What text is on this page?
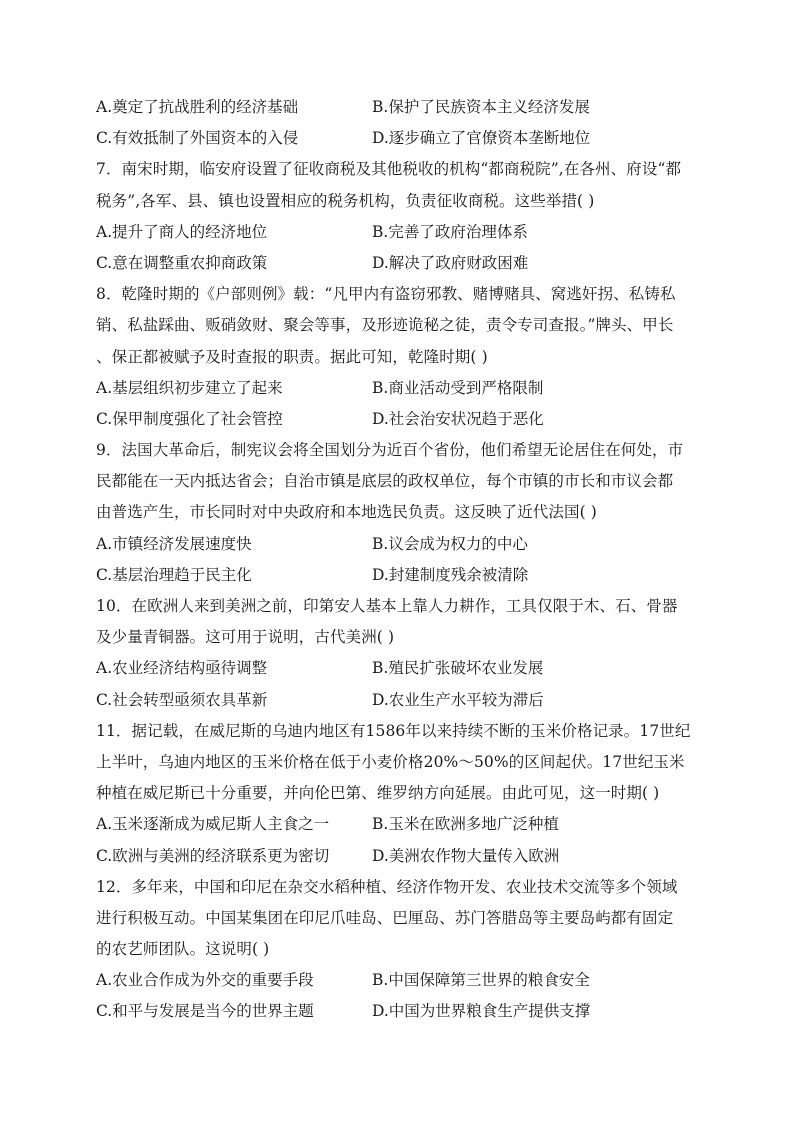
A.奠定了抗战胜利的经济基础	B.保护了民族资本主义经济发展
C.有效抵制了外国资本的入侵	D.逐步确立了官僚资本垄断地位
7．南宋时期，临安府设置了征收商税及其他税收的机构“都商税院”,在各州、府设“都
税务”,各军、县、镇也设置相应的税务机构，负责征收商税。这些举措( )
A.提升了商人的经济地位	B.完善了政府治理体系
C.意在调整重农抑商政策	D.解决了政府财政困难
8．乾隆时期的《户部则例》载：“凡甲内有盗窃邪教、赌博赌具、窝逃奸拐、私铸私
销、私盐踩曲、贩硝敛财、聚会等事，及形迹诡秘之徒，责令专司查报。”牌头、甲长
、保正都被赋予及时查报的职责。据此可知，乾隆时期( )
A.基层组织初步建立了起来	B.商业活动受到严格限制
C.保甲制度强化了社会管控	D.社会治安状况趋于恶化
9．法国大革命后，制宪议会将全国划分为近百个省份，他们希望无论居住在何处，市
民都能在一天内抵达省会；自治市镇是底层的政权单位，每个市镇的市长和市议会都
由普选产生，市长同时对中央政府和本地选民负责。这反映了近代法国( )
A.市镇经济发展速度快	B.议会成为权力的中心
C.基层治理趋于民主化	D.封建制度残余被清除
10．在欧洲人来到美洲之前，印第安人基本上靠人力耕作，工具仅限于木、石、骨器
及少量青铜器。这可用于说明，古代美洲( )
A.农业经济结构亟待调整	B.殖民扩张破坏农业发展
C.社会转型亟须农具革新	D.农业生产水平较为滞后
11．据记载，在威尼斯的乌迪内地区有1586年以来持续不断的玉米价格记录。17世纪
上半叶，乌迪内地区的玉米价格在低于小麦价格20%～50%的区间起伏。17世纪玉米
种植在威尼斯已十分重要，并向伦巴第、维罗纳方向延展。由此可见，这一时期( )
A.玉米逐渐成为威尼斯人主食之一	B.玉米在欧洲多地广泛种植
C.欧洲与美洲的经济联系更为密切	D.美洲农作物大量传入欧洲
12．多年来，中国和印尼在杂交水稻种植、经济作物开发、农业技术交流等多个领域
进行积极互动。中国某集团在印尼爪哇岛、巴厘岛、苏门答腊岛等主要岛屿都有固定
的农艺师团队。这说明( )
A.农业合作成为外交的重要手段	B.中国保障第三世界的粮食安全
C.和平与发展是当今的世界主题	D.中国为世界粮食生产提供支撑
